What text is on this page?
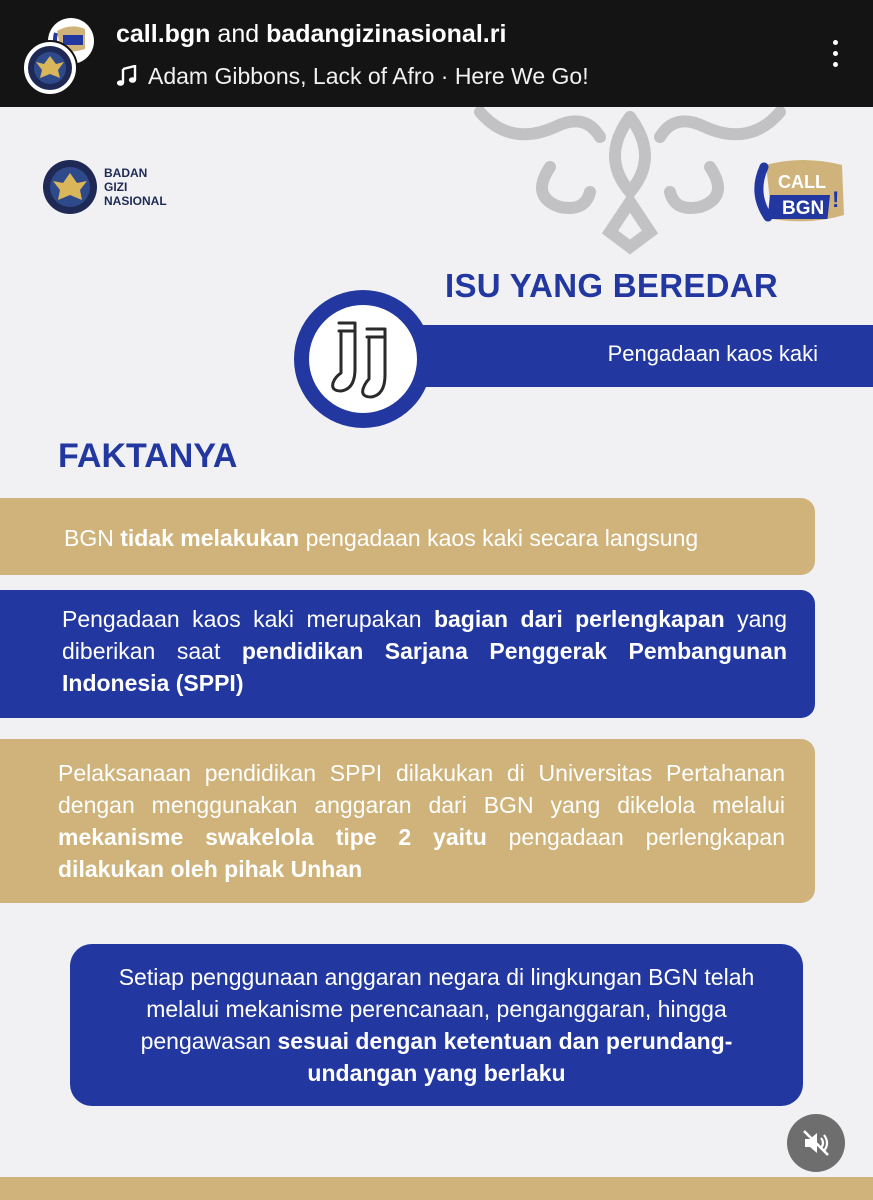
call.bgn and badangizinasional.ri
Adam Gibbons, Lack of Afro · Here We Go!
BADAN
GIZI
NASIONAL
CALL
BGN !
ISU YANG BEREDAR
Pengadaan kaos kaki
FAKTANYA
BGN tidak melakukan pengadaan kaos kaki secara langsung
Pengadaan kaos kaki merupakan bagian dari perlengkapan yang diberikan saat pendidikan Sarjana Penggerak Pembangunan Indonesia (SPPI)
Pelaksanaan pendidikan SPPI dilakukan di Universitas Pertahanan dengan menggunakan anggaran dari BGN yang dikelola melalui mekanisme swakelola tipe 2 yaitu pengadaan perlengkapan dilakukan oleh pihak Unhan
Setiap penggunaan anggaran negara di lingkungan BGN telah melalui mekanisme perencanaan, penganggaran, hingga pengawasan sesuai dengan ketentuan dan perundang-undangan yang berlaku
